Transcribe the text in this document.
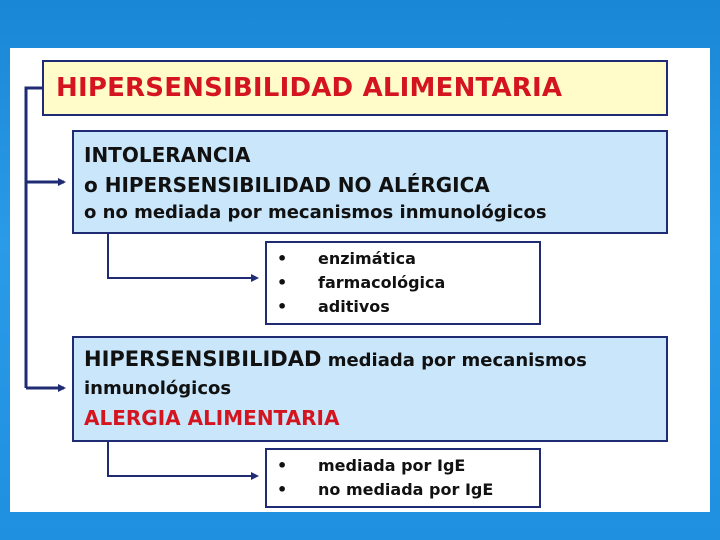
HIPERSENSIBILIDAD ALIMENTARIA
INTOLERANCIA
o HIPERSENSIBILIDAD NO ALÉRGICA
o no mediada por mecanismos inmunológicos
• enzimática
• farmacológica
• aditivos
HIPERSENSIBILIDAD mediada por mecanismos
inmunológicos
ALERGIA ALIMENTARIA
• mediada por IgE
• no mediada por IgE
